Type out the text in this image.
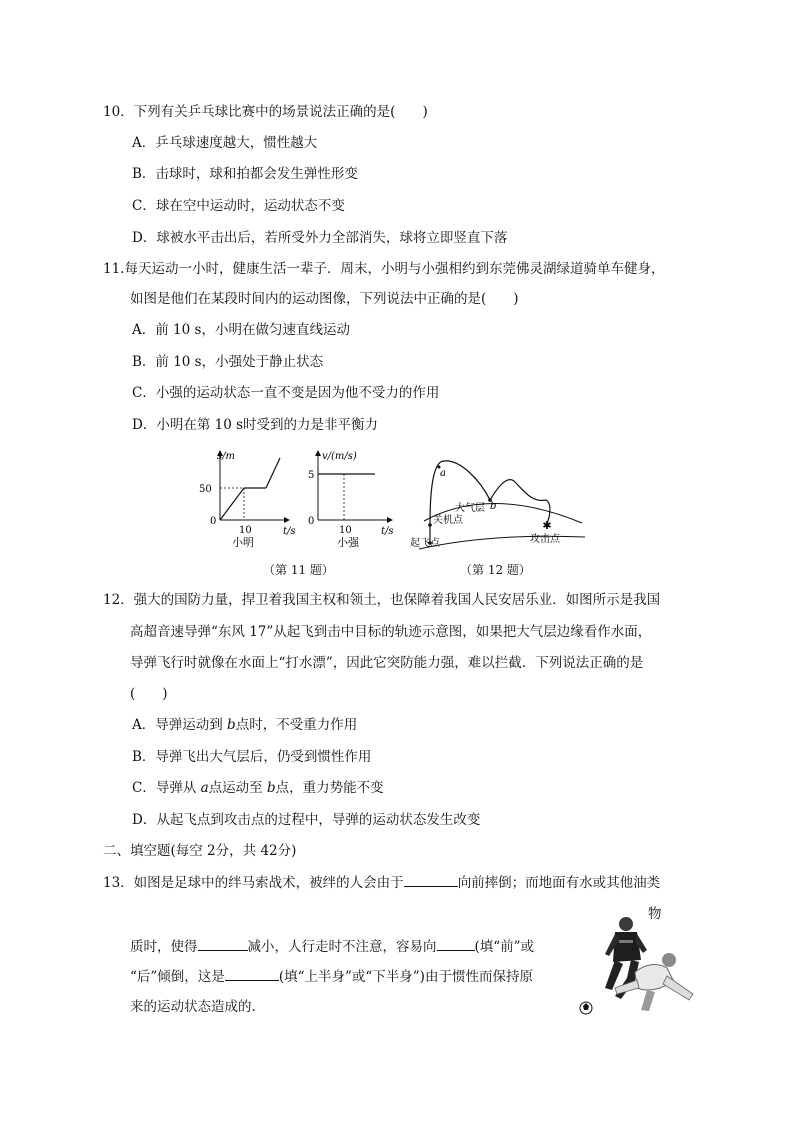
10．下列有关乒乓球比赛中的场景说法正确的是(　　)
A．乒乓球速度越大，惯性越大
B．击球时，球和拍都会发生弹性形变
C．球在空中运动时，运动状态不变
D．球被水平击出后，若所受外力全部消失，球将立即竖直下落
11.每天运动一小时，健康生活一辈子．周末，小明与小强相约到东莞佛灵湖绿道骑单车健身，
如图是他们在某段时间内的运动图像，下列说法中正确的是(　　)
A．前 10 s，小明在做匀速直线运动
B．前 10 s，小强处于静止状态
C．小强的运动状态一直不变是因为他不受力的作用
D．小明在第 10 s时受到的力是非平衡力
s/m
t/s
0
50
10
小明
v/(m/s)
t/s
0
5
10
小强
✱
a
b
大气层
关机点
起飞点	攻击点
（第 11 题）	（第 12 题）
12．强大的国防力量，捍卫着我国主权和领土，也保障着我国人民安居乐业．如图所示是我国
高超音速导弹“东风 17”从起飞到击中目标的轨迹示意图，如果把大气层边缘看作水面，
导弹飞行时就像在水面上“打水漂”，因此它突防能力强，难以拦截．下列说法正确的是
(　　)
A．导弹运动到 b点时，不受重力作用
B．导弹飞出大气层后，仍受到惯性作用
C．导弹从 a点运动至 b点，重力势能不变
D．从起飞点到攻击点的过程中，导弹的运动状态发生改变
二、填空题(每空 2分，共 42分)
13．如图是足球中的绊马索战术，被绊的人会由于	向前摔倒；而地面有水或其他油类
物
质时，使得	减小，人行走时不注意，容易向	(填“前”或
“后”倾倒，这是	(填“上半身”或“下半身”)由于惯性而保持原
来的运动状态造成的．
